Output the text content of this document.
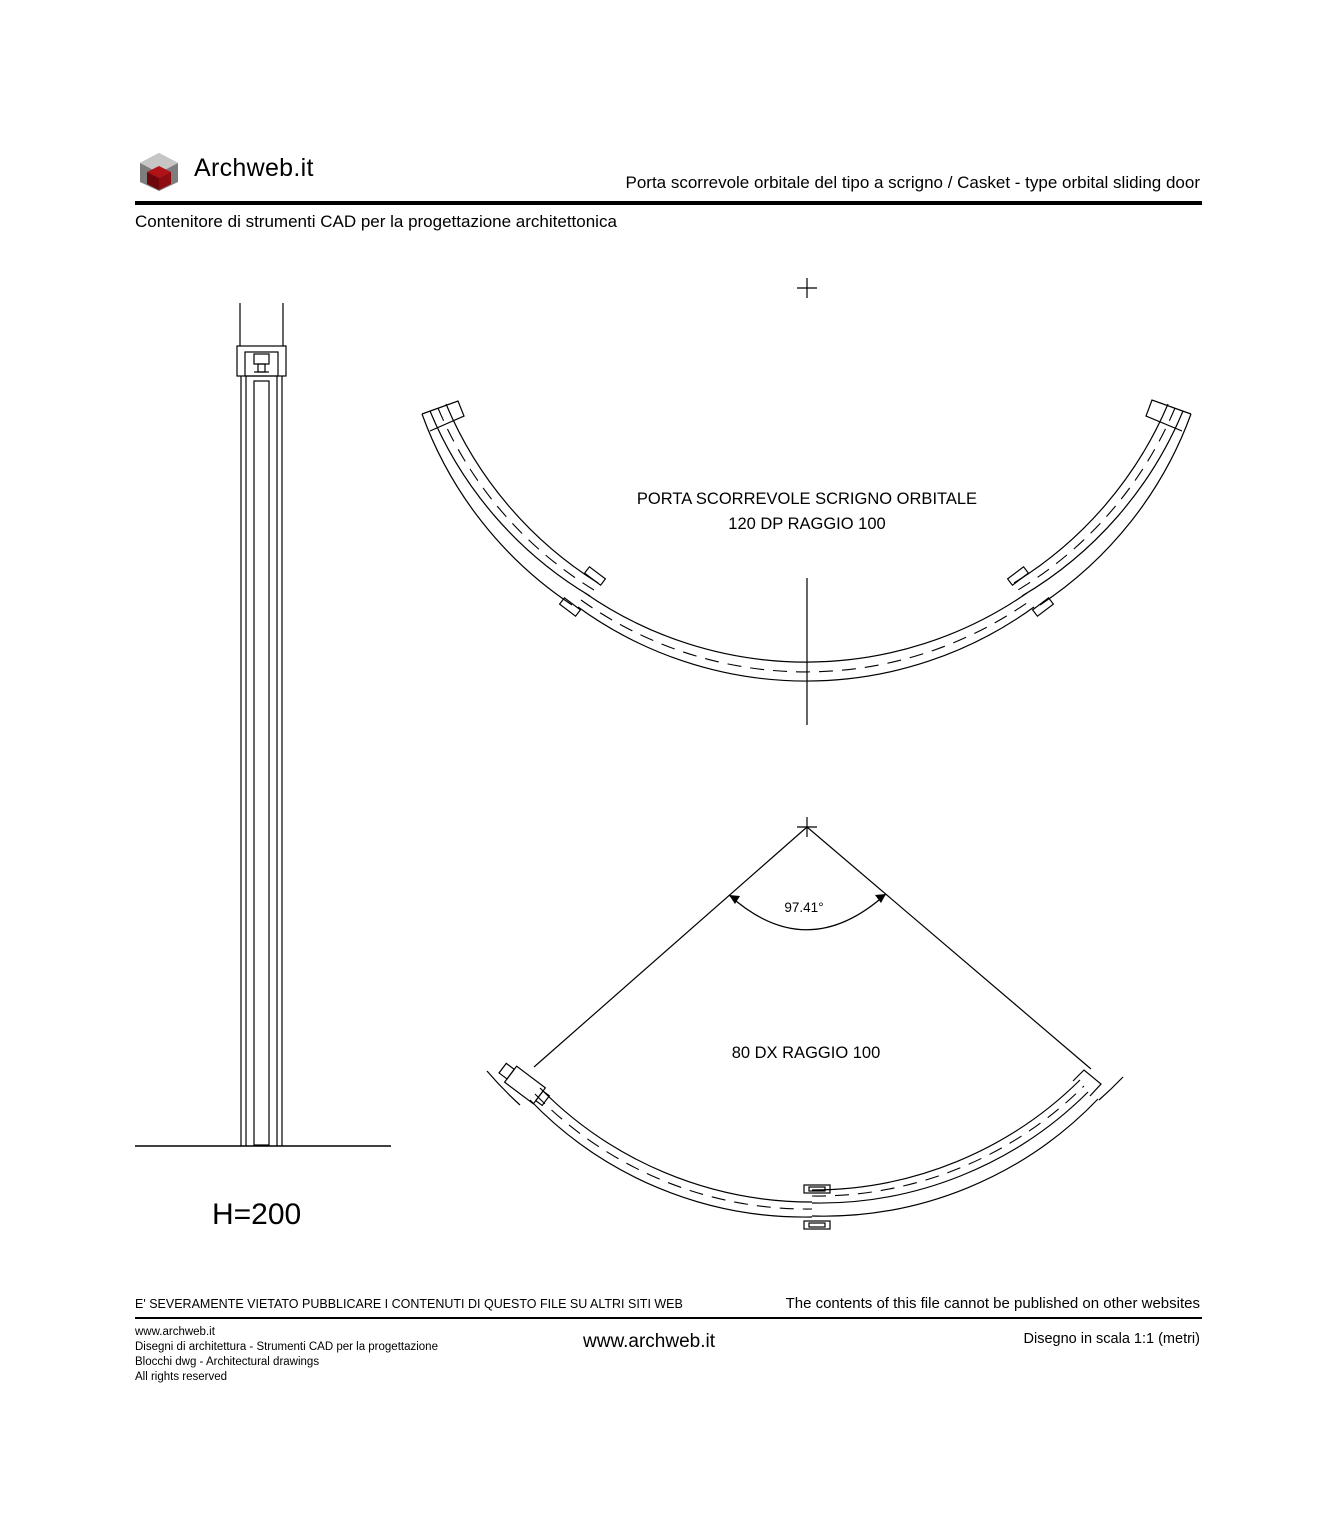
Archweb.it
Porta scorrevole orbitale del tipo a scrigno / Casket - type orbital sliding door
Contenitore di strumenti CAD per la progettazione architettonica
PORTA SCORREVOLE SCRIGNO ORBITALE
120 DP RAGGIO 100
97.41°
80 DX RAGGIO 100
H=200
E' SEVERAMENTE VIETATO PUBBLICARE I CONTENUTI DI QUESTO FILE SU ALTRI SITI WEB	The contents of this file cannot be published on other websites
www.archweb.it
Disegni di architettura - Strumenti CAD per la progettazione
Blocchi dwg - Architectural drawings
All rights reserved
www.archweb.it	Disegno in scala 1:1 (metri)
